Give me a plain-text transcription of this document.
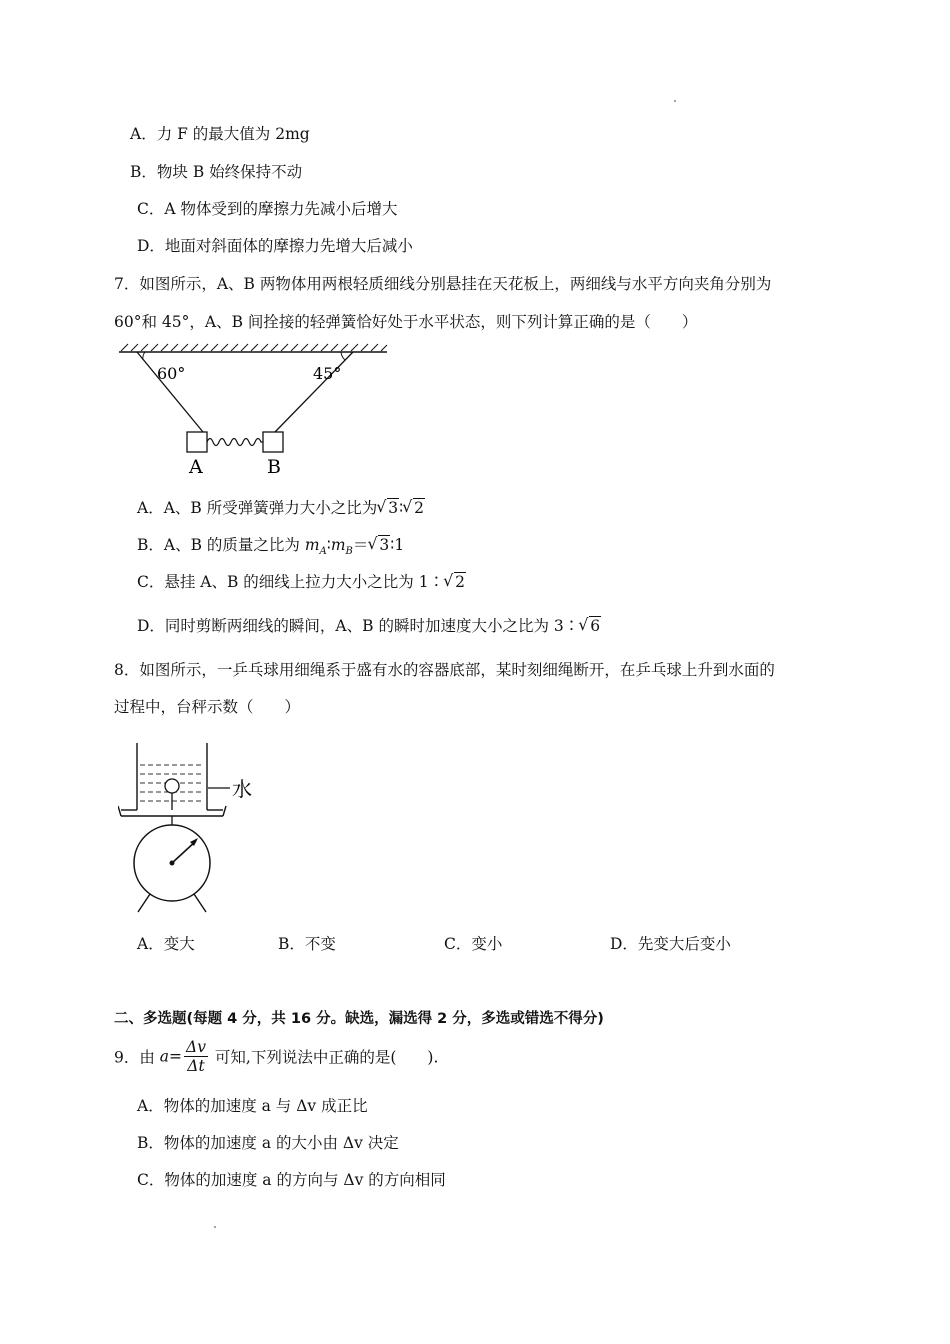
A．力 F 的最大值为 2mg
B．物块 B 始终保持不动
C．A 物体受到的摩擦力先减小后增大
D．地面对斜面体的摩擦力先增大后减小
7．如图所示，A、B 两物体用两根轻质细线分别悬挂在天花板上，两细线与水平方向夹角分别为
60°和 45°，A、B 间拴接的轻弹簧恰好处于水平状态，则下列计算正确的是（　　）
60°	45°
A	B
A．A、B 所受弹簧弹力大小之比为 √ 3∶ √ 2
B．A、B 的质量之比为 $m_A∶m_B=$ √ 3∶1
C．悬挂 A、B 的细线上拉力大小之比为 1∶ √ 2
D．同时剪断两细线的瞬间，A、B 的瞬时加速度大小之比为 3∶ √ 6
8．如图所示，一乒乓球用细绳系于盛有水的容器底部，某时刻细绳断开，在乒乓球上升到水面的
过程中，台秤示数（　　）
水
A．变大	B．不变	C．变小	D．先变大后变小
二、多选题(每题 4 分，共 16 分。缺选，漏选得 2 分，多选或错选不得分)
9．由 $a= \frac{\Delta v}{\Delta t}$ 可知,下列说法中正确的是(　　).
A．物体的加速度 a 与 Δv 成正比
B．物体的加速度 a 的大小由 Δv 决定
C．物体的加速度 a 的方向与 Δv 的方向相同
